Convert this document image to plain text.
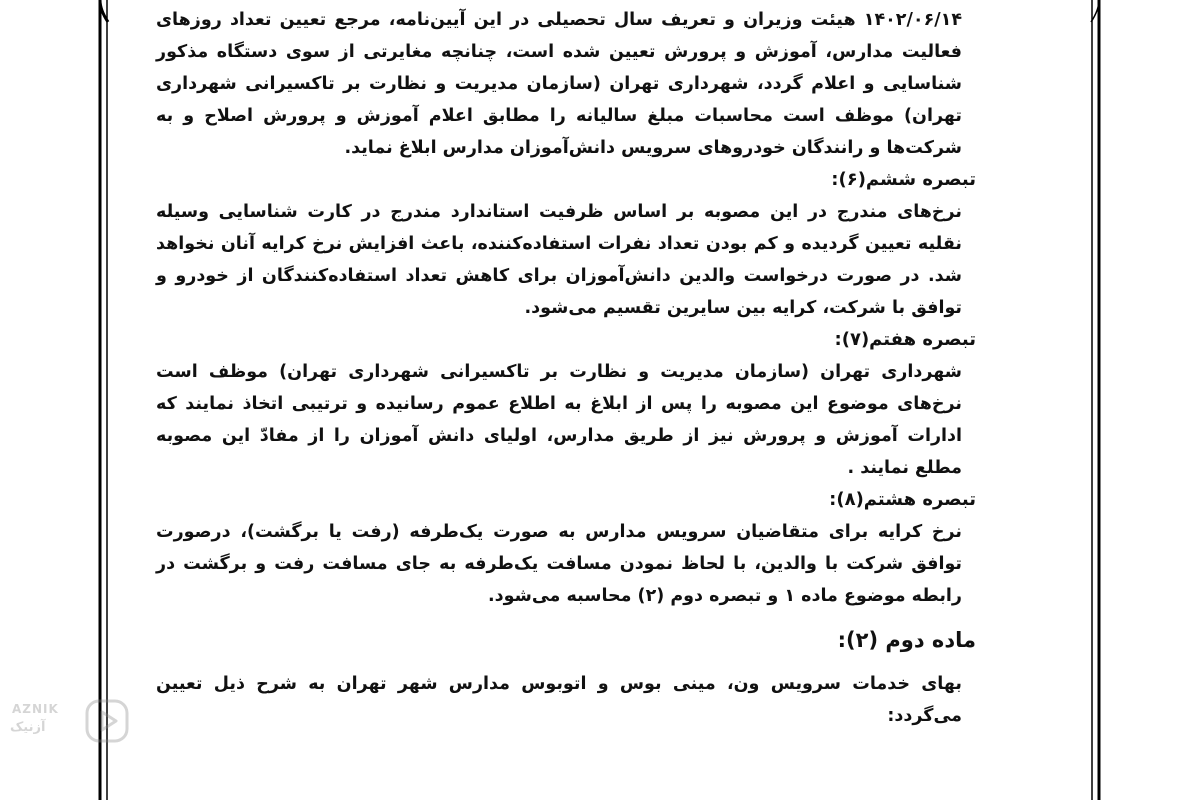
۱۴۰۲/۰۶/۱۴ هیئت وزیران و تعریف سال تحصیلی در این آیین‌نامه، مرجع تعیین تعداد روزهای فعالیت مدارس، آموزش و پرورش تعیین شده است، چنانچه مغایرتی از سوی دستگاه مذکور شناسایی و اعلام گردد، شهرداری تهران (سازمان مدیریت و نظارت بر تاکسیرانی شهرداری تهران) موظف است محاسبات مبلغ سالیانه را مطابق اعلام آموزش و پرورش اصلاح و به شرکت‌ها و رانندگان خودروهای سرویس دانش‌آموزان مدارس ابلاغ نماید.

تبصره ششم(۶):

نرخ‌های مندرج در این مصوبه بر اساس ظرفیت استاندارد مندرج در کارت شناسایی وسیله نقلیه تعیین گردیده و کم بودن تعداد نفرات استفاده‌کننده، باعث افزایش نرخ کرایه آنان نخواهد شد. در صورت درخواست والدین دانش‌آموزان برای کاهش تعداد استفاده‌کنندگان از خودرو و توافق با شرکت، کرایه بین سایرین تقسیم می‌شود.

تبصره هفتم(۷):

شهرداری تهران (سازمان مدیریت و نظارت بر تاکسیرانی شهرداری تهران) موظف است نرخ‌های موضوع این مصوبه را پس از ابلاغ به اطلاع عموم رسانیده و ترتیبی اتخاذ نمایند که ادارات آموزش و پرورش نیز از طریق مدارس، اولیای دانش آموزان را از مفادّ این مصوبه مطلع نمایند .

تبصره هشتم(۸):

نرخ کرایه برای متقاضیان سرویس مدارس به صورت یک‌طرفه (رفت یا برگشت)، درصورت توافق شرکت با والدین، با لحاظ نمودن مسافت یک‌طرفه به جای مسافت رفت و برگشت در رابطه موضوع ماده ۱ و تبصره دوم (۲) محاسبه می‌شود.

ماده دوم (۲):

بهای خدمات سرویس ون، مینی بوس و اتوبوس مدارس شهر تهران به شرح ذیل تعیین می‌گردد:

AZNIK
آزنیک
